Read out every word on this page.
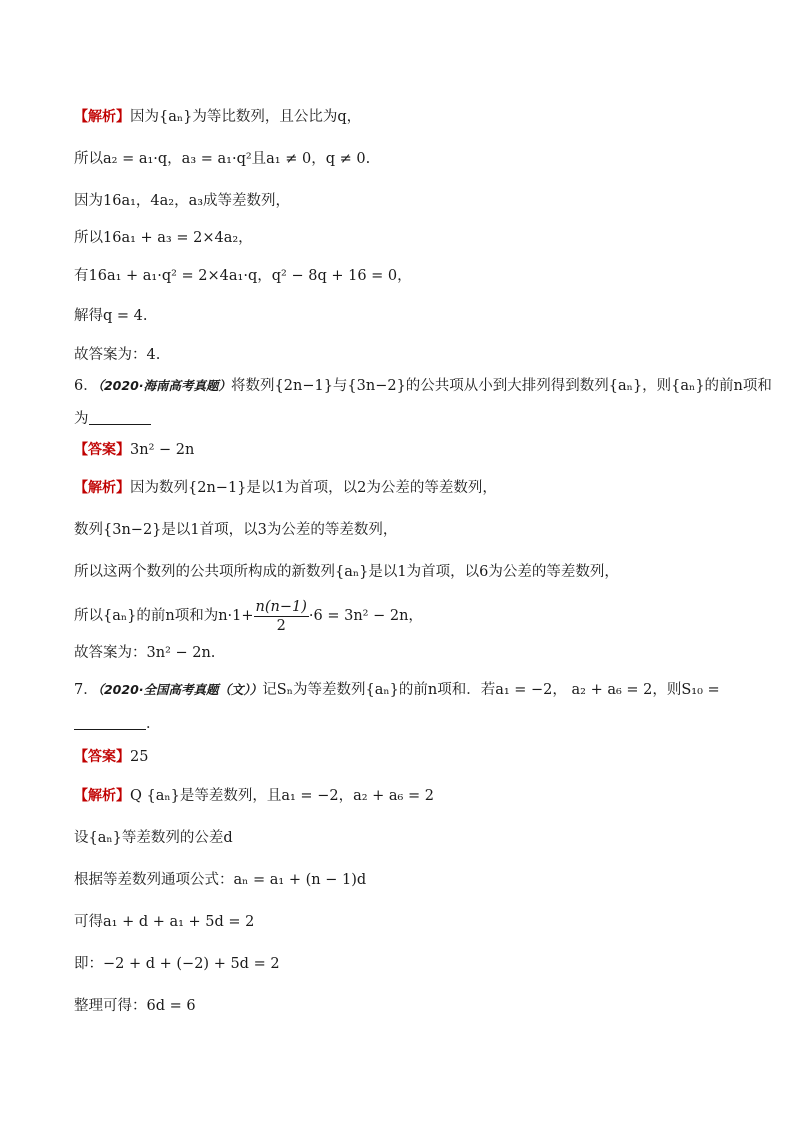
【解析】因为{aₙ}为等比数列，且公比为q，
所以a₂ = a₁·q，a₃ = a₁·q²且a₁ ≠ 0，q ≠ 0.
因为16a₁，4a₂，a₃成等差数列，
所以16a₁ + a₃ = 2×4a₂，
有16a₁ + a₁·q² = 2×4a₁·q，q² − 8q + 16 = 0，
解得q = 4.
故答案为：4.
6．（2020·海南高考真题）将数列{2n−1}与{3n−2}的公共项从小到大排列得到数列{aₙ}，则{aₙ}的前n项和
为
【答案】3n² − 2n
【解析】因为数列{2n−1}是以1为首项，以2为公差的等差数列，
数列{3n−2}是以1首项，以3为公差的等差数列，
所以这两个数列的公共项所构成的新数列{aₙ}是以1为首项，以6为公差的等差数列，
所以{aₙ}的前n项和为$n\cdot 1+ \frac{n(n-1)}{2} \cdot 6 = 3n^2 - 2n$，
故答案为：3n² − 2n.
7．（2020·全国高考真题（文））记Sₙ为等差数列{aₙ}的前n项和．若a₁ = −2， a₂ + a₆ = 2，则S₁₀ =
．
【答案】25
【解析】Q {aₙ}是等差数列，且a₁ = −2，a₂ + a₆ = 2
设{aₙ}等差数列的公差d
根据等差数列通项公式：aₙ = a₁ + (n − 1)d
可得a₁ + d + a₁ + 5d = 2
即：−2 + d + (−2) + 5d = 2
整理可得：6d = 6
